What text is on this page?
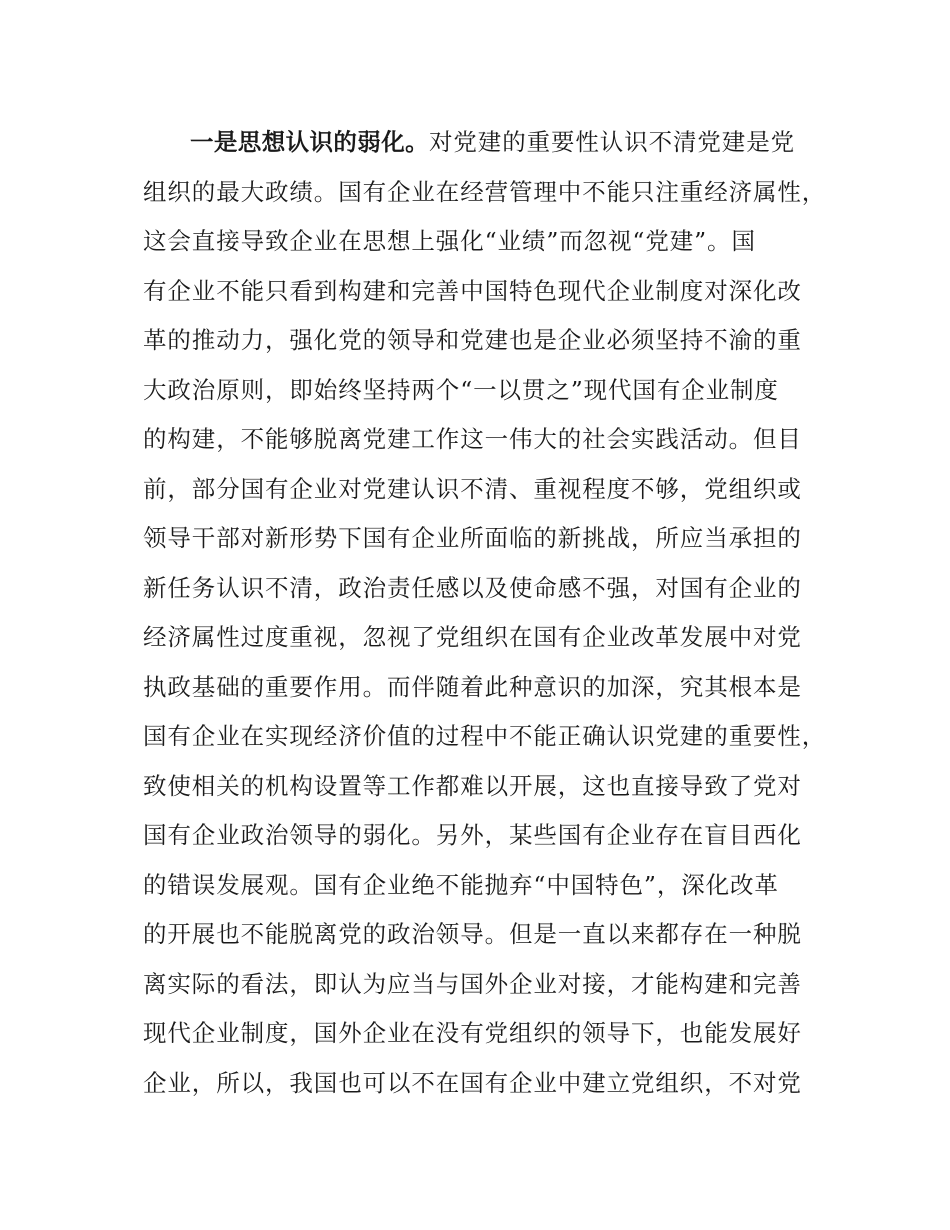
一是思想认识的弱化。对党建的重要性认识不清党建是党
组织的最大政绩。国有企业在经营管理中不能只注重经济属性，
这会直接导致企业在思想上强化“业绩”而忽视“党建”。国
有企业不能只看到构建和完善中国特色现代企业制度对深化改
革的推动力，强化党的领导和党建也是企业必须坚持不渝的重
大政治原则，即始终坚持两个“一以贯之”现代国有企业制度
的构建，不能够脱离党建工作这一伟大的社会实践活动。但目
前，部分国有企业对党建认识不清、重视程度不够，党组织或
领导干部对新形势下国有企业所面临的新挑战，所应当承担的
新任务认识不清，政治责任感以及使命感不强，对国有企业的
经济属性过度重视，忽视了党组织在国有企业改革发展中对党
执政基础的重要作用。而伴随着此种意识的加深，究其根本是
国有企业在实现经济价值的过程中不能正确认识党建的重要性，
致使相关的机构设置等工作都难以开展，这也直接导致了党对
国有企业政治领导的弱化。另外，某些国有企业存在盲目西化
的错误发展观。国有企业绝不能抛弃“中国特色”，深化改革
的开展也不能脱离党的政治领导。但是一直以来都存在一种脱
离实际的看法，即认为应当与国外企业对接，才能构建和完善
现代企业制度，国外企业在没有党组织的领导下，也能发展好
企业，所以，我国也可以不在国有企业中建立党组织，不对党
